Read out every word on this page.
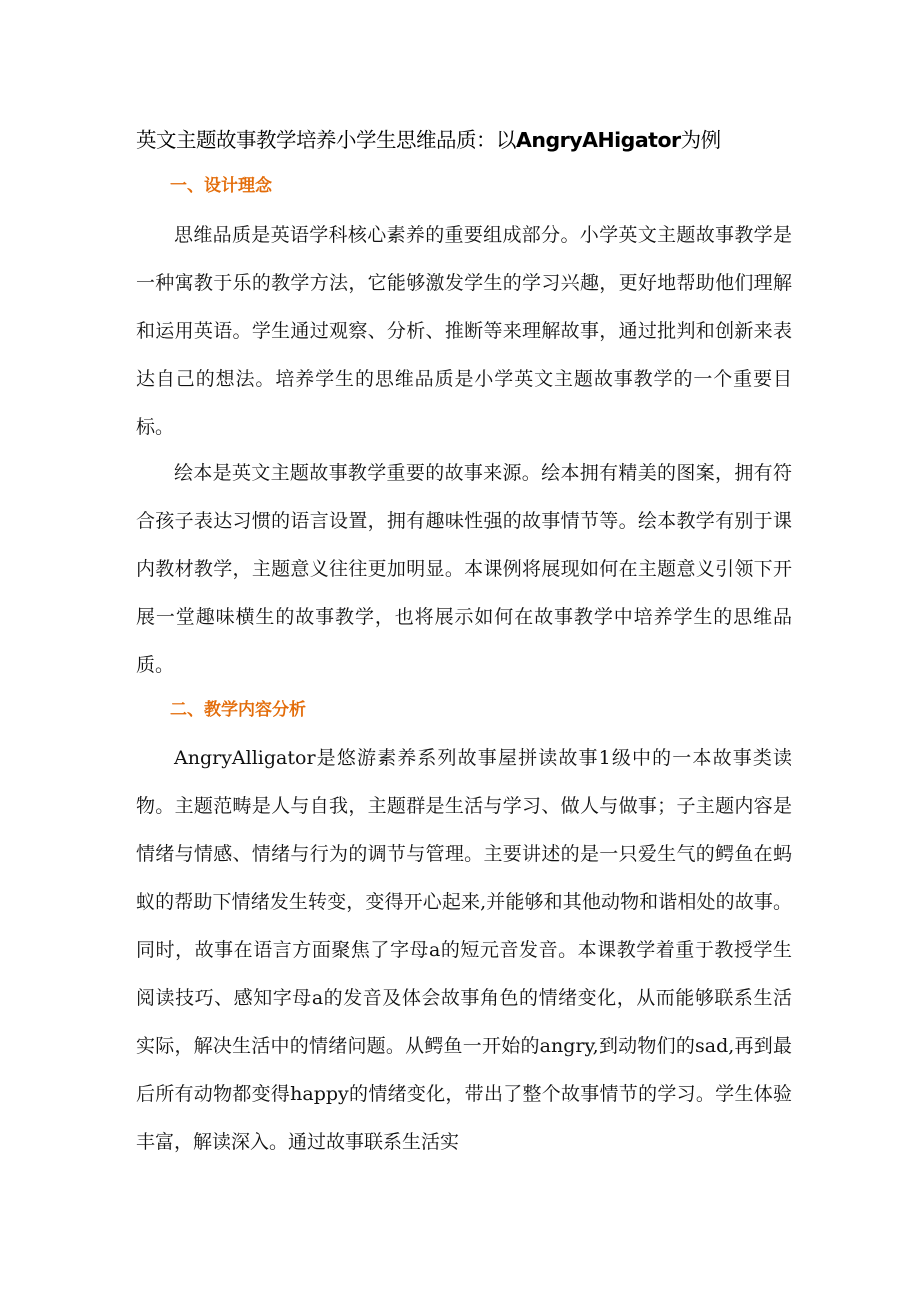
英文主题故事教学培养小学生思维品质：以AngryAHigator为例
一、设计理念

思维品质是英语学科核心素养的重要组成部分。小学英文主题故事教学是一种寓教于乐的教学方法，它能够激发学生的学习兴趣，更好地帮助他们理解和运用英语。学生通过观察、分析、推断等来理解故事，通过批判和创新来表达自己的想法。培养学生的思维品质是小学英文主题故事教学的一个重要目标。

绘本是英文主题故事教学重要的故事来源。绘本拥有精美的图案，拥有符合孩子表达习惯的语言设置，拥有趣味性强的故事情节等。绘本教学有别于课内教材教学，主题意义往往更加明显。本课例将展现如何在主题意义引领下开展一堂趣味横生的故事教学，也将展示如何在故事教学中培养学生的思维品质。

二、教学内容分析

AngryAlligator是悠游素养系列故事屋拼读故事1级中的一本故事类读物。主题范畴是人与自我，主题群是生活与学习、做人与做事；子主题内容是情绪与情感、情绪与行为的调节与管理。主要讲述的是一只爱生气的鳄鱼在蚂蚁的帮助下情绪发生转变，变得开心起来,并能够和其他动物和谐相处的故事。同时，故事在语言方面聚焦了字母a的短元音发音。本课教学着重于教授学生阅读技巧、感知字母a的发音及体会故事角色的情绪变化，从而能够联系生活实际，解决生活中的情绪问题。从鳄鱼一开始的angry,到动物们的sad,再到最后所有动物都变得happy的情绪变化，带出了整个故事情节的学习。学生体验丰富，解读深入。通过故事联系生活实
